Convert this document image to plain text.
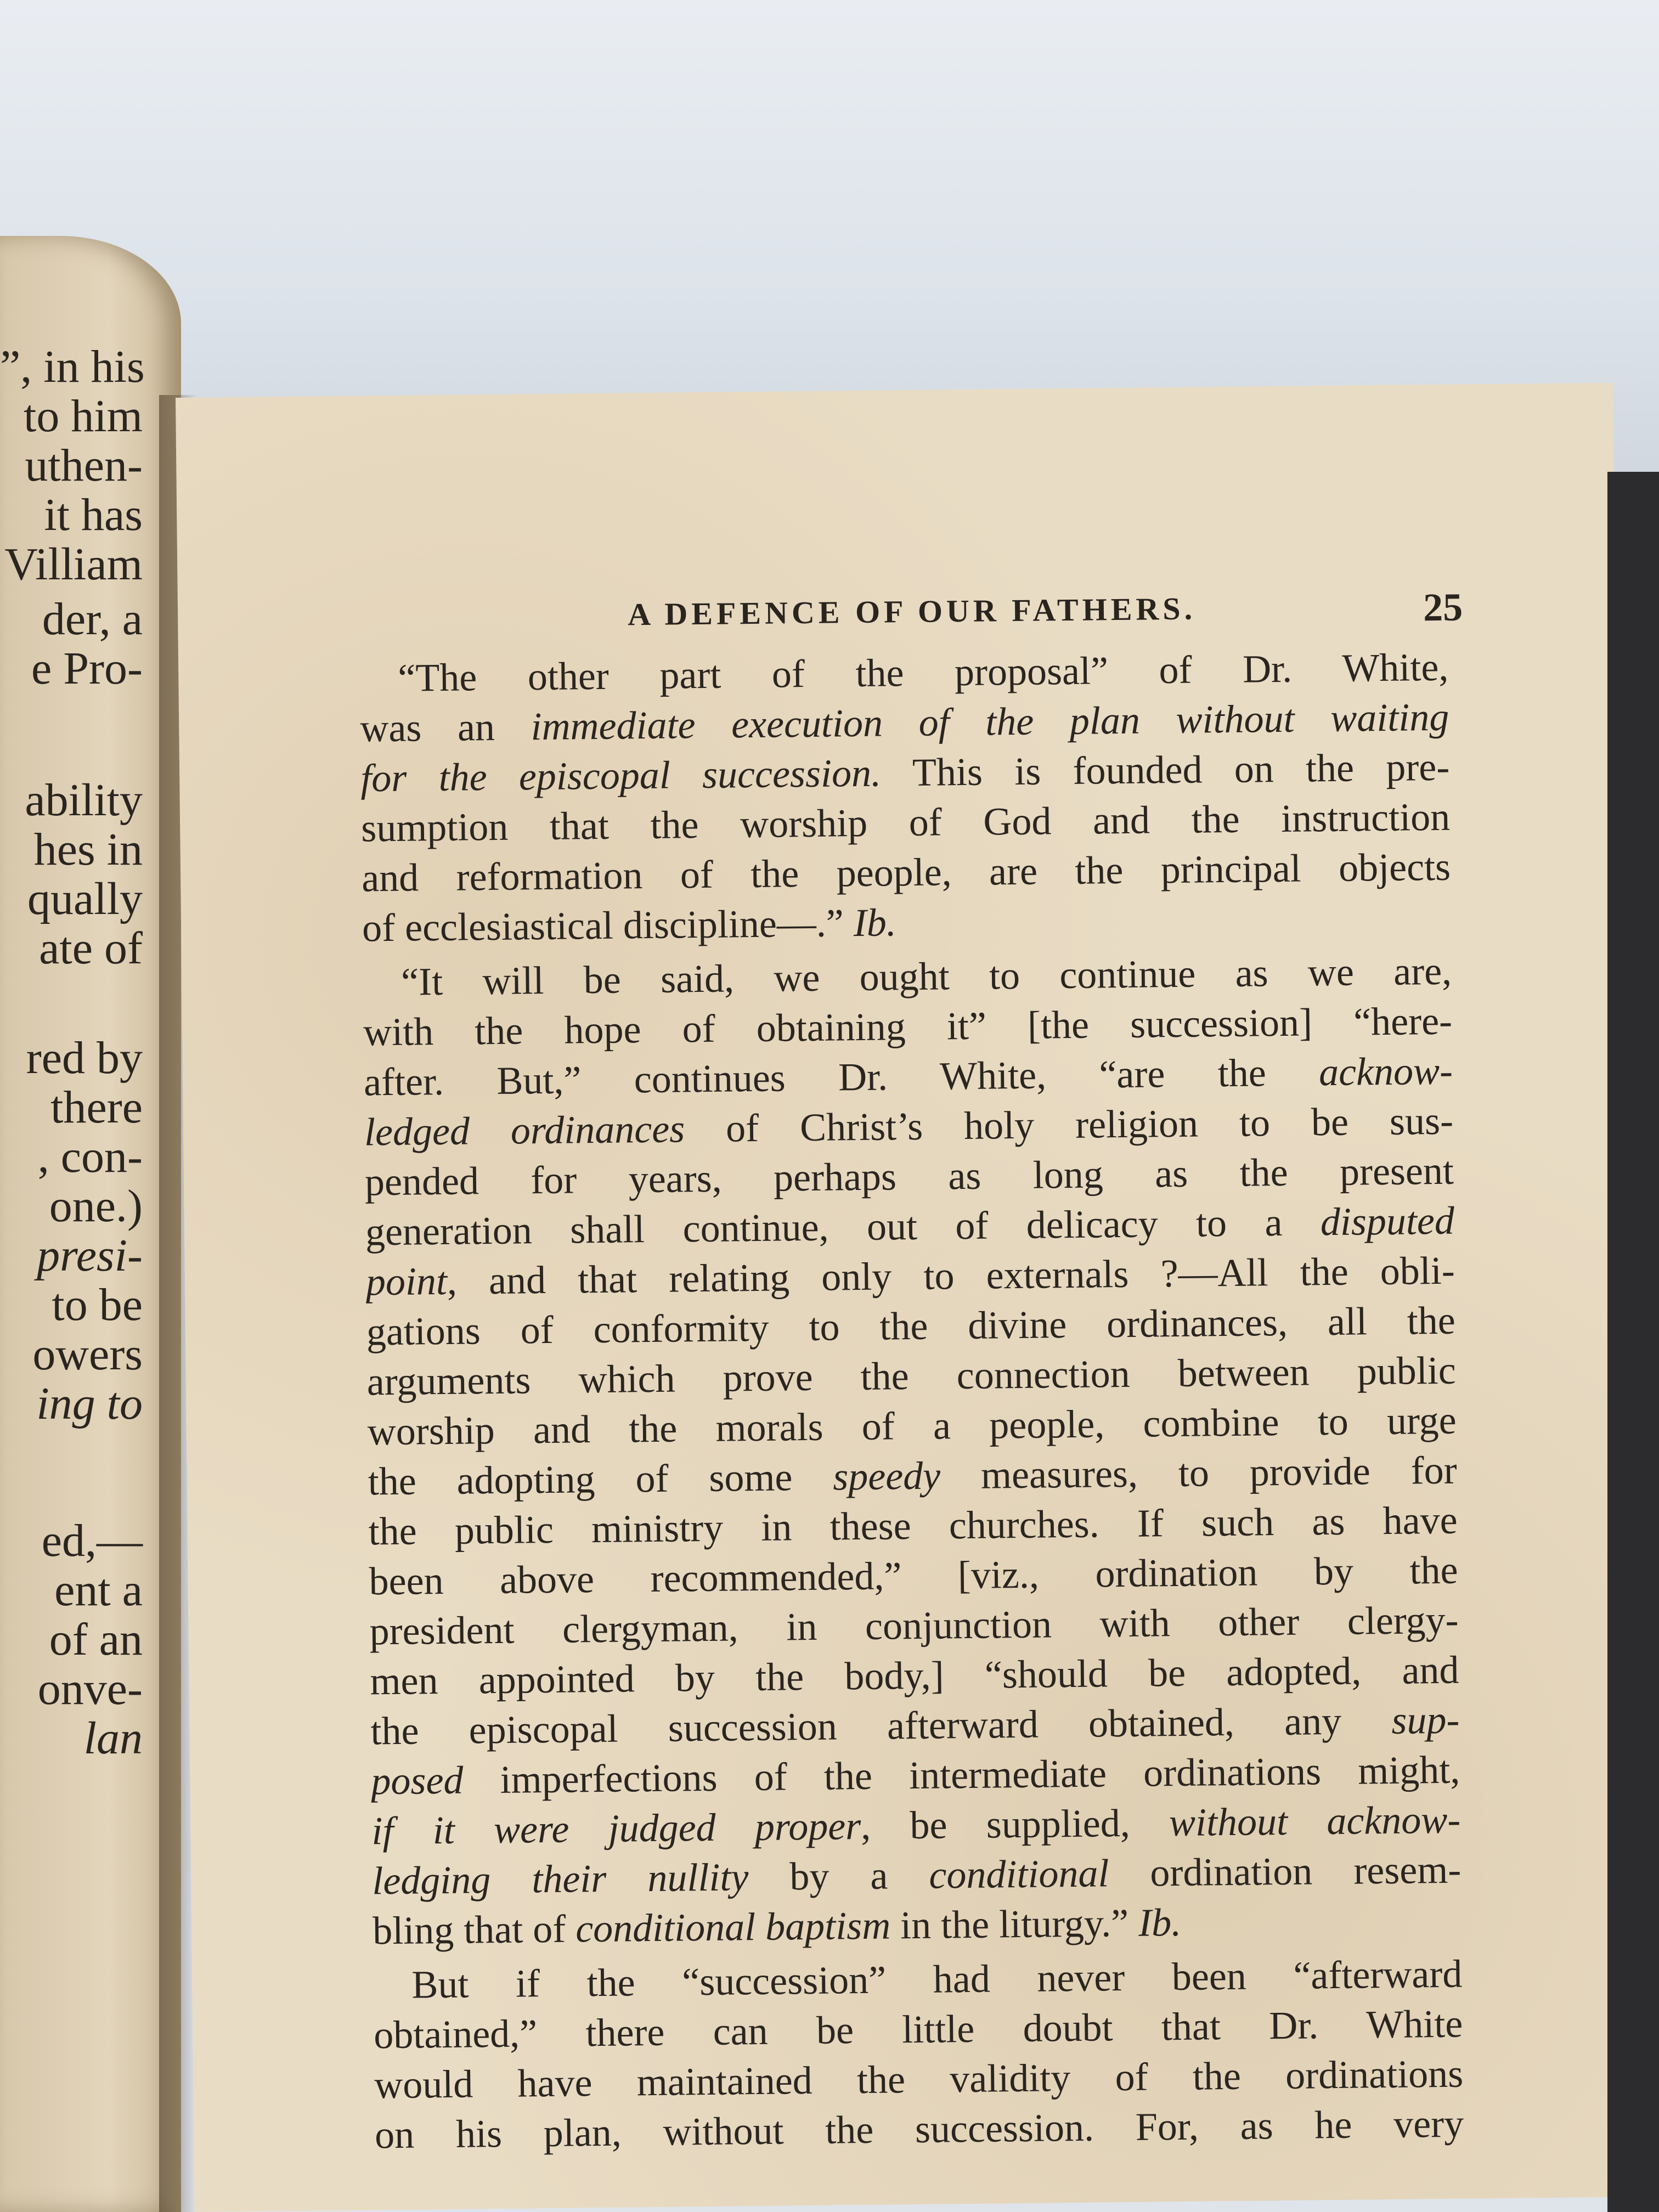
”, in his
to him
uthen-
it has
Villiam
der, a
e Pro-
ability
hes in
qually
ate of
red by
there
, con-
one.)
presi-
to be
owers
ing to
ed,—
ent a
of an
onve-
lan
A DEFENCE OF OUR FATHERS.	25
“The other part of the proposal” of Dr. White,
was an immediate execution of the plan without waiting
for the episcopal succession. This is founded on the pre-
sumption that the worship of God and the instruction
and reformation of the people, are the principal objects
of ecclesiastical discipline—.” Ib.
“It will be said, we ought to continue as we are,
with the hope of obtaining it” [the succession] “here-
after. But,” continues Dr. White, “are the acknow-
ledged ordinances of Christ’s holy religion to be sus-
pended for years, perhaps as long as the present
generation shall continue, out of delicacy to a disputed
point, and that relating only to externals ?—All the obli-
gations of conformity to the divine ordinances, all the
arguments which prove the connection between public
worship and the morals of a people, combine to urge
the adopting of some speedy measures, to provide for
the public ministry in these churches. If such as have
been above recommended,” [viz., ordination by the
president clergyman, in conjunction with other clergy-
men appointed by the body,] “should be adopted, and
the episcopal succession afterward obtained, any sup-
posed imperfections of the intermediate ordinations might,
if it were judged proper, be supplied, without acknow-
ledging their nullity by a conditional ordination resem-
bling that of conditional baptism in the liturgy.” Ib.
But if the “succession” had never been “afterward
obtained,” there can be little doubt that Dr. White
would have maintained the validity of the ordinations
on his plan, without the succession. For, as he very
